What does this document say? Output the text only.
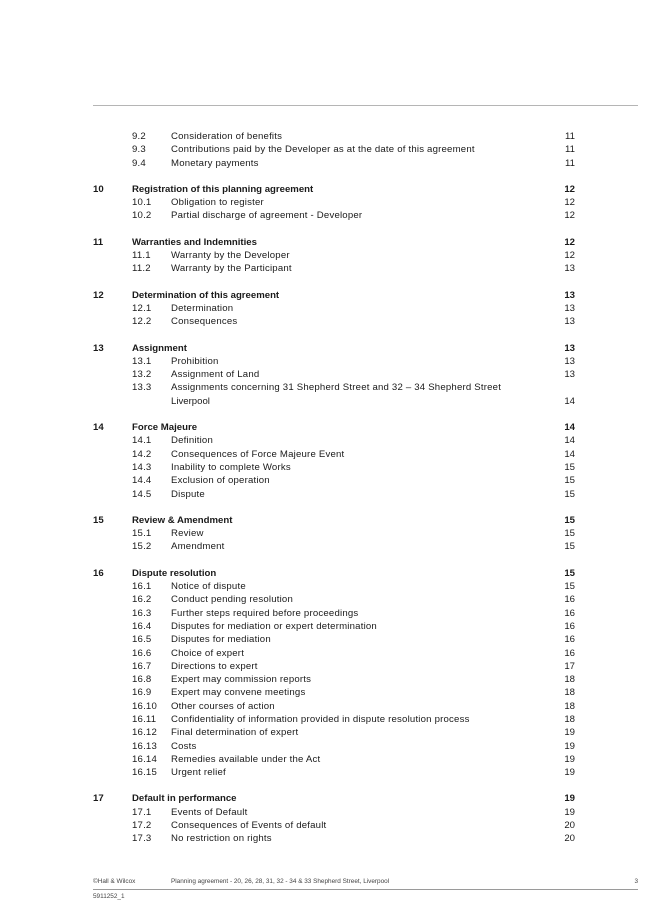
9.2	Consideration of benefits	11
9.3	Contributions paid by the Developer as at the date of this agreement	11
9.4	Monetary payments	11
10	Registration of this planning agreement	12
10.1 Obligation to register	12
10.2 Partial discharge of agreement - Developer	12
11	Warranties and Indemnities	12
11.1 Warranty by the Developer	12
11.2 Warranty by the Participant	13
12	Determination of this agreement	13
12.1 Determination	13
12.2 Consequences	13
13	Assignment	13
13.1 Prohibition	13
13.2 Assignment of Land	13
13.3 Assignments concerning 31 Shepherd Street and 32 – 34 Shepherd Street
Liverpool	14
14	Force Majeure	14
14.1 Definition	14
14.2 Consequences of Force Majeure Event	14
14.3 Inability to complete Works	15
14.4 Exclusion of operation	15
14.5 Dispute	15
15	Review & Amendment	15
15.1 Review	15
15.2 Amendment	15
16	Dispute resolution	15
16.1 Notice of dispute	15
16.2 Conduct pending resolution	16
16.3 Further steps required before proceedings	16
16.4 Disputes for mediation or expert determination	16
16.5 Disputes for mediation	16
16.6 Choice of expert	16
16.7 Directions to expert	17
16.8 Expert may commission reports	18
16.9 Expert may convene meetings	18
16.10 Other courses of action	18
16.11 Confidentiality of information provided in dispute resolution process	18
16.12 Final determination of expert	19
16.13 Costs	19
16.14 Remedies available under the Act	19
16.15 Urgent relief	19
17	Default in performance	19
17.1 Events of Default	19
17.2 Consequences of Events of default	20
17.3 No restriction on rights	20
©Hall & Wilcox	Planning agreement - 20, 26, 28, 31, 32 - 34 & 33 Shepherd Street, Liverpool	3
5911252_1
